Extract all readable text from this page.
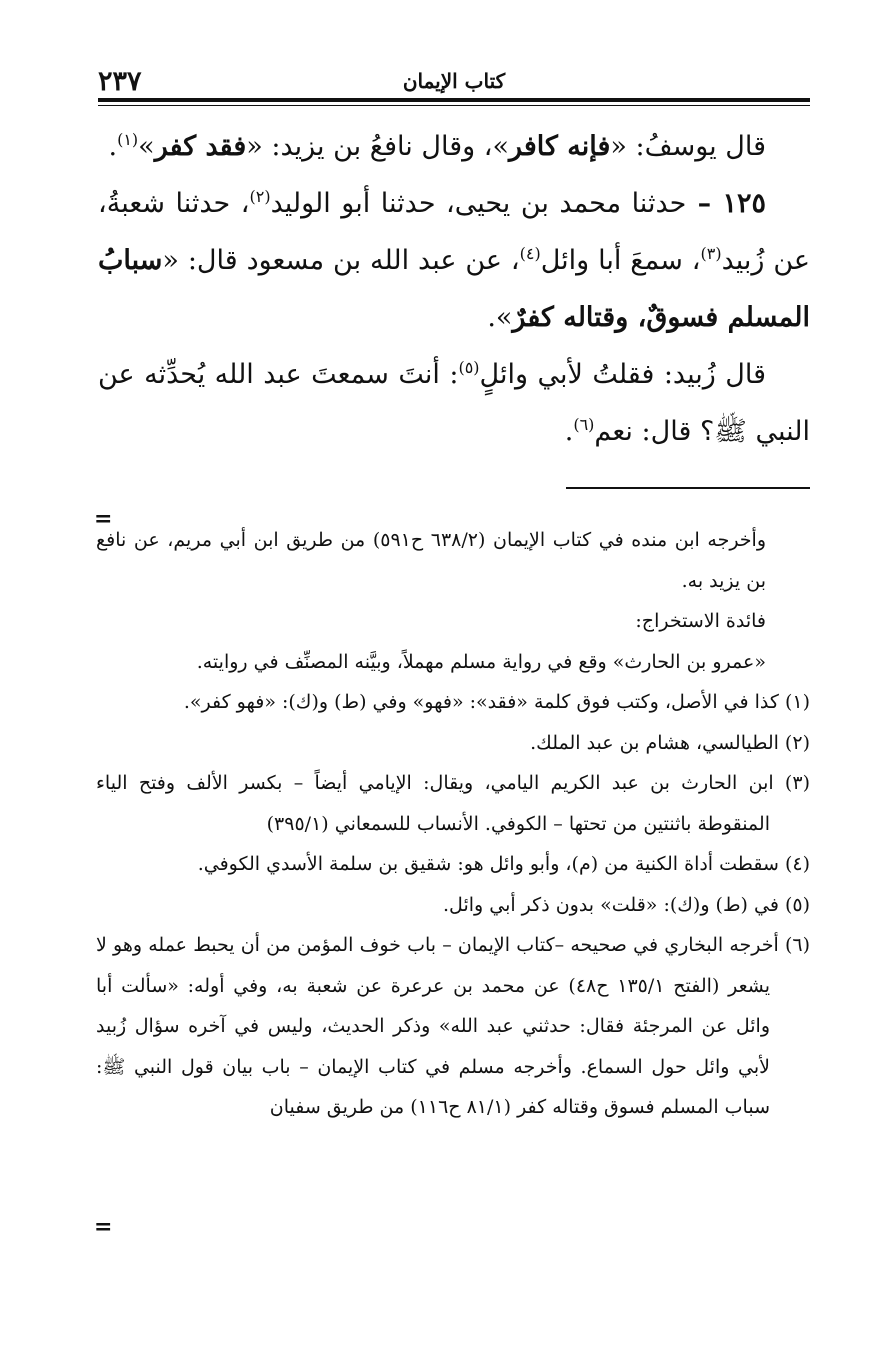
٢٣٧	كتاب الإيمان

قال يوسفُ: «فإنه كافر»، وقال نافعُ بن يزيد: «فقد كفر»$^{(١)}$.

١٢٥ – حدثنا محمد بن يحيى، حدثنا أبو الوليد$^{(٢)}$، حدثنا شعبةُ، عن زُبيد$^{(٣)}$، سمعَ أبا وائل$^{(٤)}$، عن عبد الله بن مسعود قال: «سبابُ المسلم فسوقٌ، وقتاله كفرٌ».

قال زُبيد: فقلتُ لأبي وائلٍ$^{(٥)}$: أنتَ سمعتَ عبد الله يُحدِّثه عن النبي ﷺ؟ قال: نعم$^{(٦)}$.

=

وأخرجه ابن منده في كتاب الإيمان (٦٣٨/٢ ح٥٩١) من طريق ابن أبي مريم، عن نافع بن يزيد به.

فائدة الاستخراج:

«عمرو بن الحارث» وقع في رواية مسلم مهملاً، وبيَّنه المصنِّف في روايته.

(١) كذا في الأصل، وكتب فوق كلمة «فقد»: «فهو» وفي (ط) و(ك): «فهو كفر».

(٢) الطيالسي، هشام بن عبد الملك.

(٣) ابن الحارث بن عبد الكريم اليامي، ويقال: الإيامي أيضاً – بكسر الألف وفتح الياء المنقوطة باثنتين من تحتها – الكوفي. الأنساب للسمعاني (٣٩٥/١)

(٤) سقطت أداة الكنية من (م)، وأبو وائل هو: شقيق بن سلمة الأسدي الكوفي.

(٥) في (ط) و(ك): «قلت» بدون ذكر أبي وائل.

(٦) أخرجه البخاري في صحيحه –كتاب الإيمان – باب خوف المؤمن من أن يحبط عمله وهو لا يشعر (الفتح ١٣٥/١ ح٤٨) عن محمد بن عرعرة عن شعبة به، وفي أوله: «سألت أبا وائل عن المرجئة فقال: حدثني عبد الله» وذكر الحديث، وليس في آخره سؤال زُبيد لأبي وائل حول السماع. وأخرجه مسلم في كتاب الإيمان – باب بيان قول النبي ﷺ: سباب المسلم فسوق وقتاله كفر (٨١/١ ح١١٦) من طريق سفيان

=
